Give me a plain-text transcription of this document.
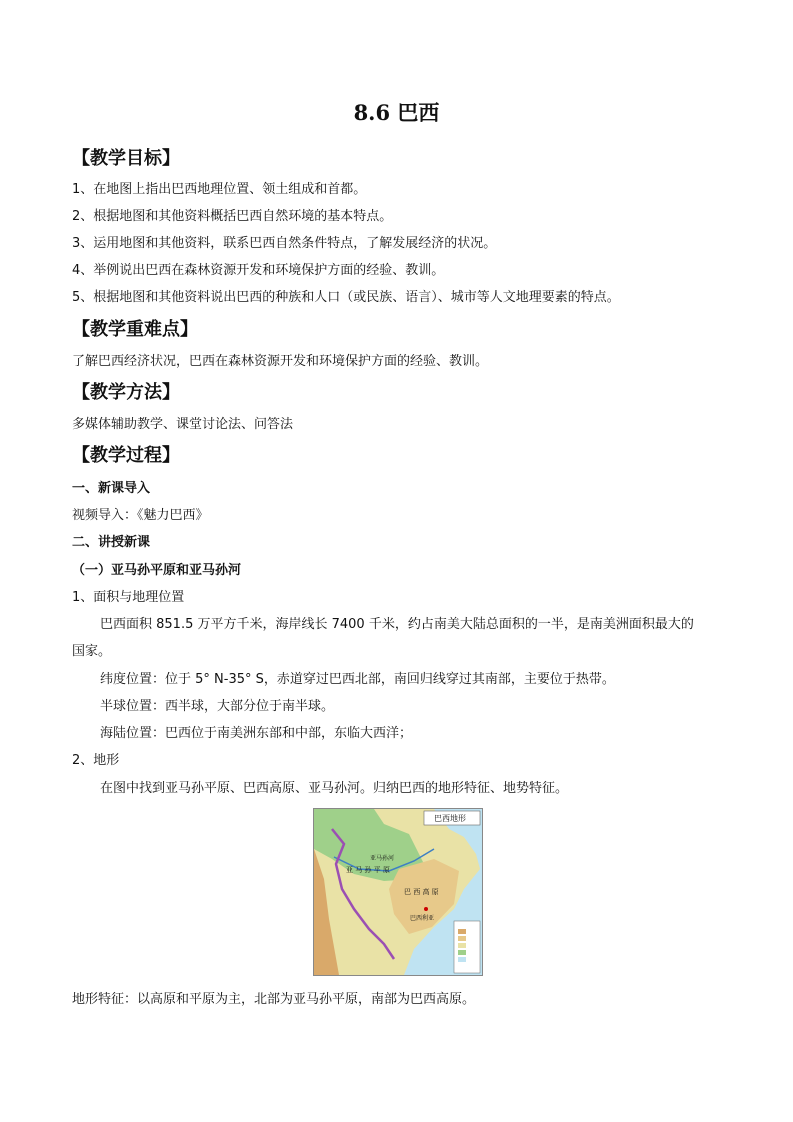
8.6 巴西
【教学目标】
1、在地图上指出巴西地理位置、领土组成和首都。
2、根据地图和其他资料概括巴西自然环境的基本特点。
3、运用地图和其他资料，联系巴西自然条件特点，了解发展经济的状况。
4、举例说出巴西在森林资源开发和环境保护方面的经验、教训。
5、根据地图和其他资料说出巴西的种族和人口（或民族、语言）、城市等人文地理要素的特点。
【教学重难点】
了解巴西经济状况，巴西在森林资源开发和环境保护方面的经验、教训。
【教学方法】
多媒体辅助教学、课堂讨论法、问答法
【教学过程】
一、新课导入
视频导入：《魅力巴西》
二、讲授新课
（一）亚马孙平原和亚马孙河
1、面积与地理位置
巴西面积 851.5 万平方千米，海岸线长 7400 千米，约占南美大陆总面积的一半，是南美洲面积最大的
国家。
纬度位置：位于 5° N-35° S，赤道穿过巴西北部，南回归线穿过其南部，主要位于热带。
半球位置：西半球，大部分位于南半球。
海陆位置：巴西位于南美洲东部和中部，东临大西洋；
2、地形
在图中找到亚马孙平原、巴西高原、亚马孙河。归纳巴西的地形特征、地势特征。
巴西地形
亚 马 孙 平 原
巴 西 高 原
巴西利亚
亚马孙河
地形特征：以高原和平原为主，北部为亚马孙平原，南部为巴西高原。
